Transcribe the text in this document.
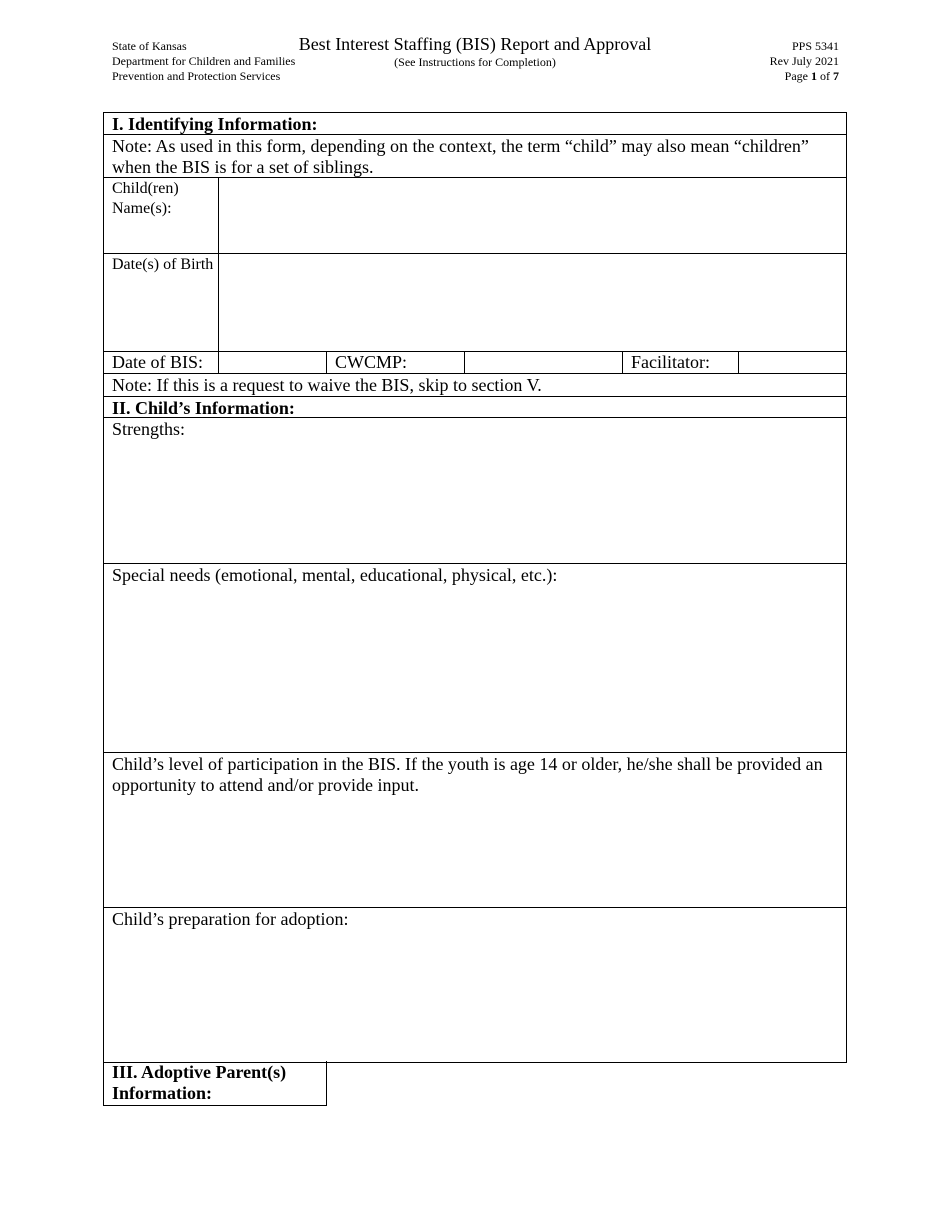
State of Kansas
Department for Children and Families
Prevention and Protection Services
Best Interest Staffing (BIS) Report and Approval
(See Instructions for Completion)
PPS 5341
Rev July 2021
Page 1 of 7
I. Identifying Information:
Note: As used in this form, depending on the context, the term “child” may also mean “children” when the BIS is for a set of siblings.
Child(ren) Name(s):
Date(s) of Birth
Date of BIS:	CWCMP:	Facilitator:
Note: If this is a request to waive the BIS, skip to section V.
II. Child’s Information:
Strengths:
Special needs (emotional, mental, educational, physical, etc.):
Child’s level of participation in the BIS. If the youth is age 14 or older, he/she shall be provided an opportunity to attend and/or provide input.
Child’s preparation for adoption:
III. Adoptive Parent(s) Information:
